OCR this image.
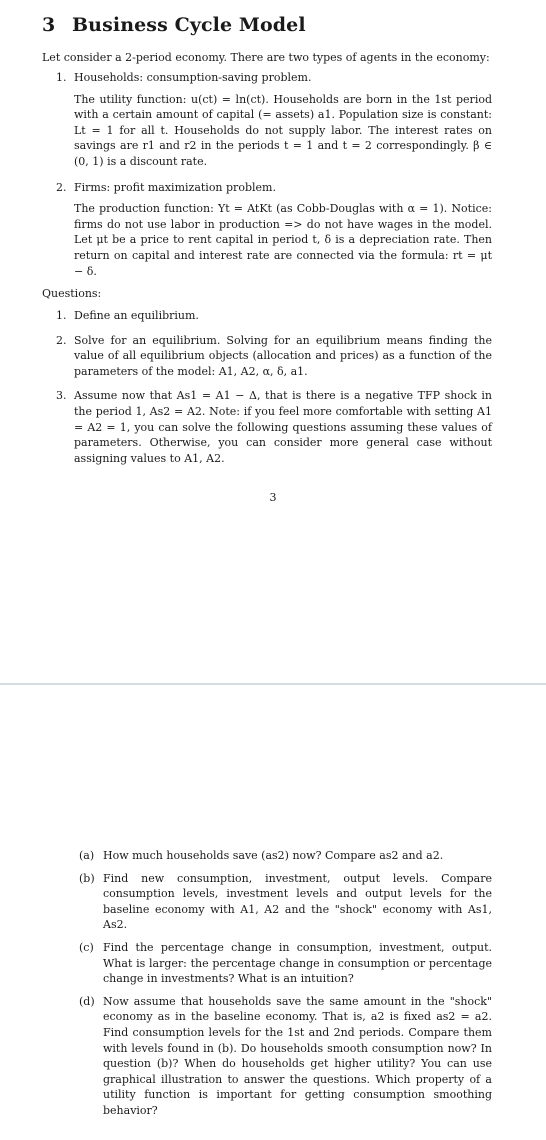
3 Business Cycle Model
Let consider a 2-period economy. There are two types of agents in the economy:
1. Households: consumption-saving problem.
The utility function: u(ct) = ln(ct). Households are born in the 1st period with a certain amount of capital (= assets) a1. Population size is constant: Lt = 1 for all t. Households do not supply labor. The interest rates on savings are r1 and r2 in the periods t = 1 and t = 2 correspondingly. β ∈ (0, 1) is a discount rate.
2. Firms: profit maximization problem.
The production function: Yt = AtKt (as Cobb-Douglas with α = 1). Notice: firms do not use labor in production => do not have wages in the model. Let μt be a price to rent capital in period t, δ is a depreciation rate. Then return on capital and interest rate are connected via the formula: rt = μt − δ.
Questions:
1. Define an equilibrium.
2. Solve for an equilibrium. Solving for an equilibrium means finding the value of all equilibrium objects (allocation and prices) as a function of the parameters of the model: A1, A2, α, δ, a1.
3. Assume now that As1 = A1 − Δ, that is there is a negative TFP shock in the period 1, As2 = A2. Note: if you feel more comfortable with setting A1 = A2 = 1, you can solve the following questions assuming these values of parameters. Otherwise, you can consider more general case without assigning values to A1, A2.
3
(a) How much households save (as2) now? Compare as2 and a2.
(b) Find new consumption, investment, output levels. Compare consumption levels, investment levels and output levels for the baseline economy with A1, A2 and the "shock" economy with As1, As2.
(c) Find the percentage change in consumption, investment, output. What is larger: the percentage change in consumption or percentage change in investments? What is an intuition?
(d) Now assume that households save the same amount in the "shock" economy as in the baseline economy. That is, a2 is fixed as2 = a2. Find consumption levels for the 1st and 2nd periods. Compare them with levels found in (b). Do households smooth consumption now? In question (b)? When do households get higher utility? You can use graphical illustration to answer the questions. Which property of a utility function is important for getting consumption smoothing behavior?
